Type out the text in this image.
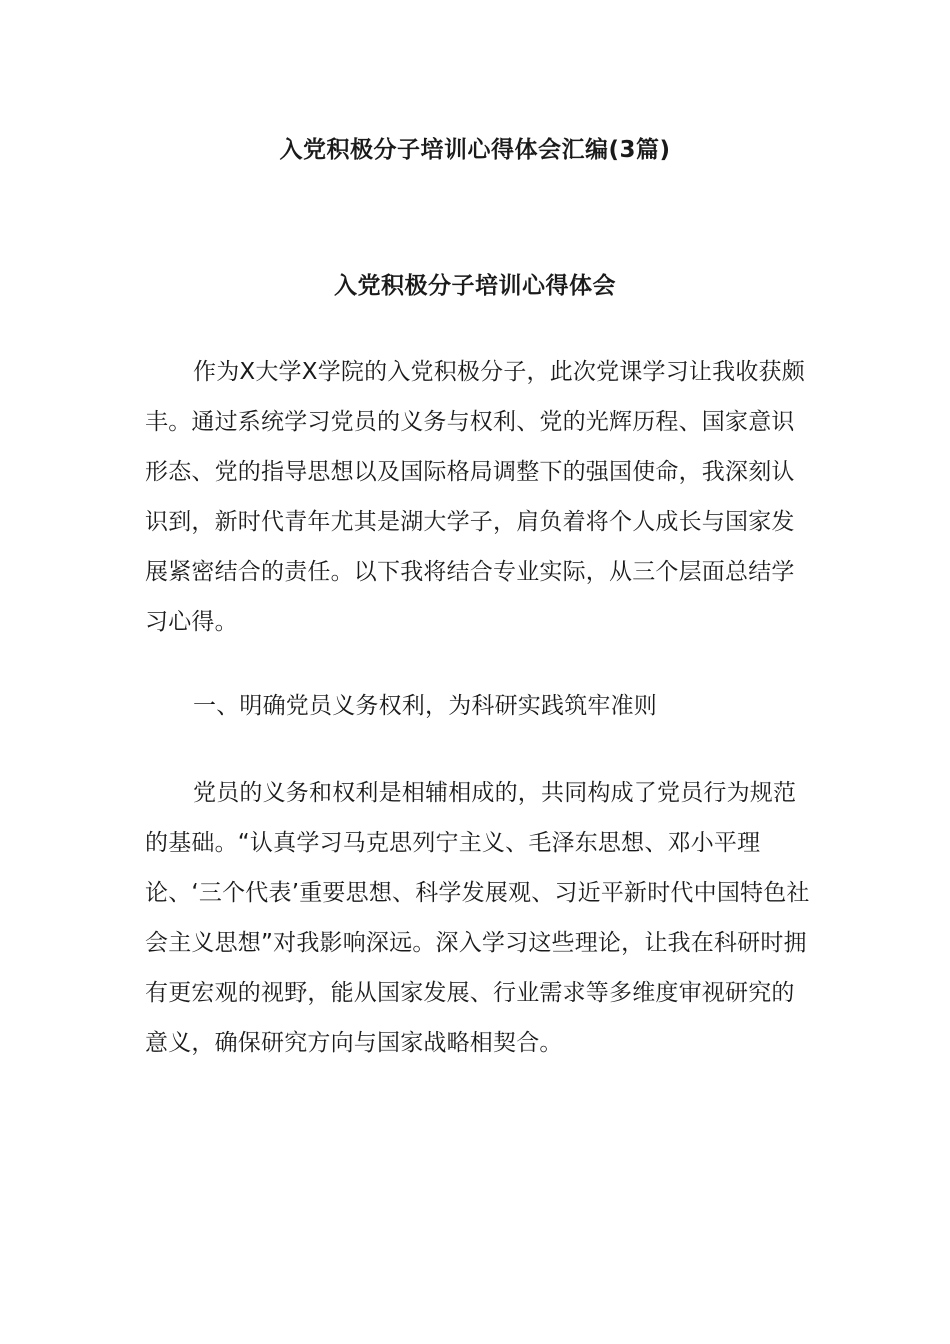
入党积极分子培训心得体会汇编(3篇)
入党积极分子培训心得体会

作为X大学X学院的入党积极分子，此次党课学习让我收获颇丰。通过系统学习党员的义务与权利、党的光辉历程、国家意识形态、党的指导思想以及国际格局调整下的强国使命，我深刻认识到，新时代青年尤其是湖大学子，肩负着将个人成长与国家发展紧密结合的责任。以下我将结合专业实际，从三个层面总结学习心得。

一、明确党员义务权利，为科研实践筑牢准则

党员的义务和权利是相辅相成的，共同构成了党员行为规范的基础。“认真学习马克思列宁主义、毛泽东思想、邓小平理论、‘三个代表’重要思想、科学发展观、习近平新时代中国特色社会主义思想”对我影响深远。深入学习这些理论，让我在科研时拥有更宏观的视野，能从国家发展、行业需求等多维度审视研究的意义，确保研究方向与国家战略相契合。
